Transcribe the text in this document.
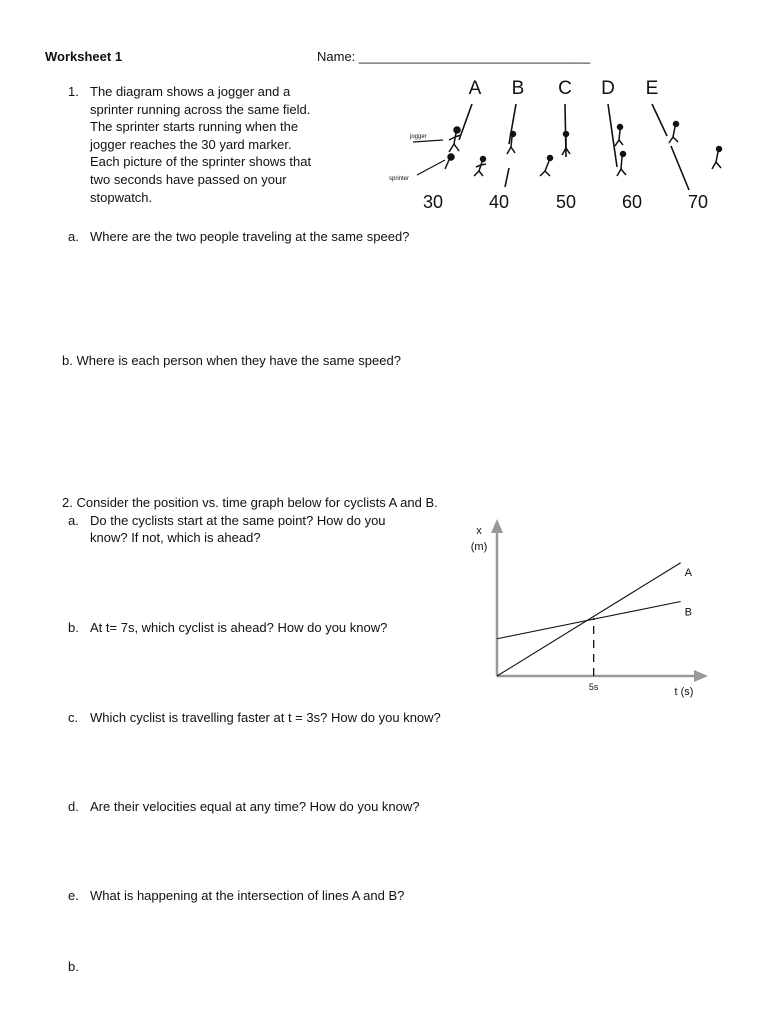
Worksheet 1	Name: ________________________________
1. The diagram shows a jogger and a
sprinter running across the same field.
The sprinter starts running when the
jogger reaches the 30 yard marker.
Each picture of the sprinter shows that
two seconds have passed on your
stopwatch.
A B C D E
jogger
sprinter
30	40	50	60	70
a. Where are the two people traveling at the same speed?
b. Where is each person when they have the same speed?
2. Consider the position vs. time graph below for cyclists A and B.
a. Do the cyclists start at the same point? How do you
know? If not, which is ahead?
b. At t= 7s, which cyclist is ahead? How do you know?
c. Which cyclist is travelling faster at t = 3s? How do you know?
d. Are their velocities equal at any time? How do you know?
e. What is happening at the intersection of lines A and B?
b.
A
B
x
(m)
5s	t (s)
